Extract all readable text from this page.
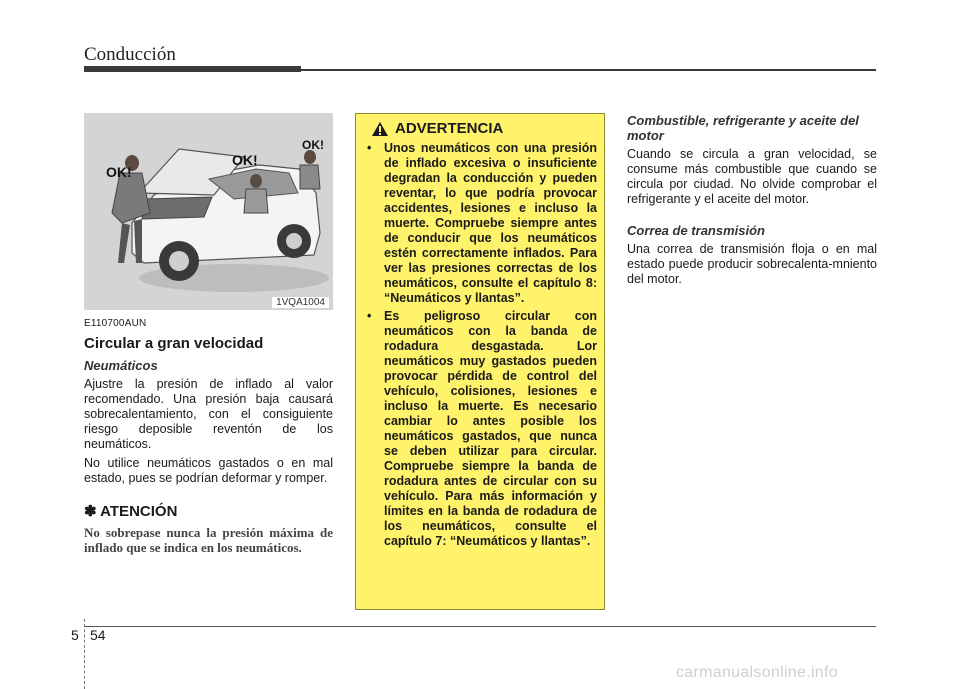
Conducción
OK!
OK!
OK!
1VQA1004
E110700AUN
Circular a gran velocidad
Neumáticos
Ajustre la presión de inflado al valor recomendado. Una presión baja causará sobrecalentamiento, con el consiguiente riesgo deposible reventón de los neumáticos.
No utilice neumáticos gastados o en mal estado, pues se podrían deformar y romper.
✽ ATENCIÓN
No sobrepase nunca la presión máxima de inflado que se indica en los neumáticos.
ADVERTENCIA
• Unos neumáticos con una presión de inflado excesiva o insuficiente degradan la conducción y pueden reventar, lo que podría provocar accidentes, lesiones e incluso la muerte. Compruebe siempre antes de conducir que los neumáticos estén correctamente inflados. Para ver las presiones correctas de los neumáticos, consulte el capítulo 8: “Neumáticos y llantas”.
• Es peligroso circular con neumáticos con la banda de rodadura desgastada. Lor neumáticos muy gastados pueden provocar pérdida de control del vehículo, colisiones, lesiones e incluso la muerte. Es necesario cambiar lo antes posible los neumáticos gastados, que nunca se deben utilizar para circular. Compruebe siempre la banda de rodadura antes de circular con su vehículo. Para más información y límites en la banda de rodadura de los neumáticos, consulte el capítulo 7: “Neumáticos y llantas”.
Combustible, refrigerante y aceite del motor
Cuando se circula a gran velocidad, se consume más combustible que cuando se circula por ciudad. No olvide comprobar el refrigerante y el aceite del motor.
Correa de transmisión
Una correa de transmisión floja o en mal estado puede producir sobrecalenta-mniento del motor.
5 54
carmanualsonline.info
